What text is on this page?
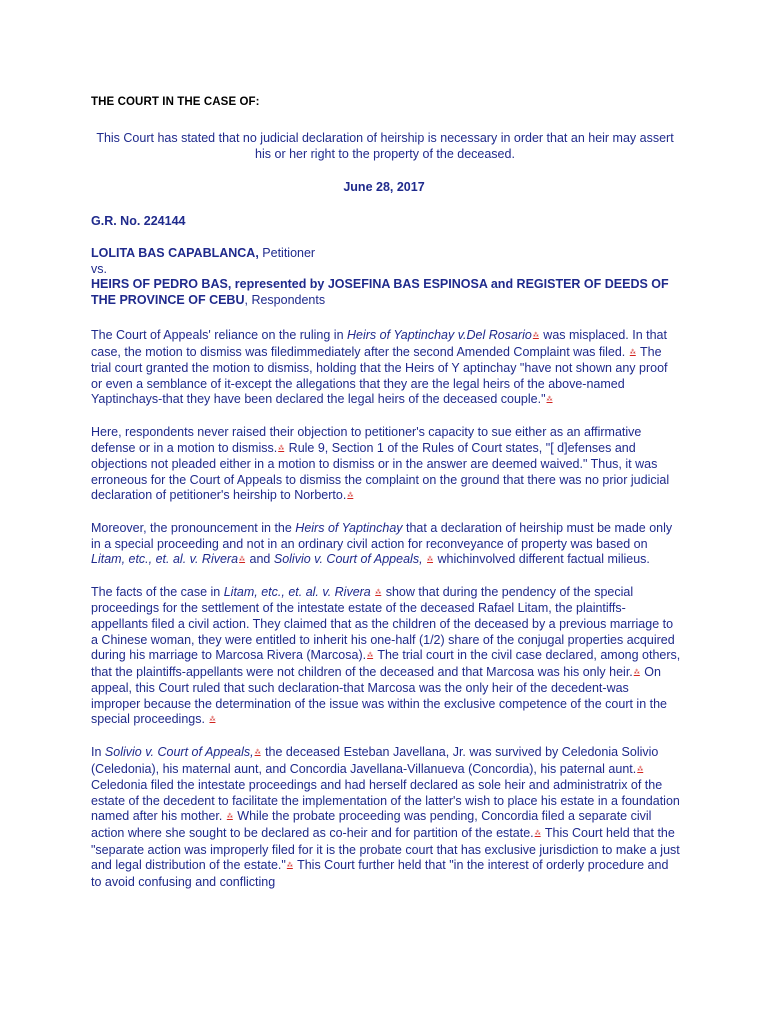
THE COURT IN THE CASE OF:
This Court has stated that no judicial declaration of heirship is necessary in order that an heir may assert his or her right to the property of the deceased.
June 28, 2017
G.R. No. 224144
LOLITA BAS CAPABLANCA, Petitioner
vs.
HEIRS OF PEDRO BAS, represented by JOSEFINA BAS ESPINOSA and REGISTER OF DEEDS OF THE PROVINCE OF CEBU, Respondents

The Court of Appeals' reliance on the ruling in Heirs of Yaptinchay v.Del Rosario⁂ was misplaced. In that case, the motion to dismiss was filedimmediately after the second Amended Complaint was filed. ⁂ The trial court granted the motion to dismiss, holding that the Heirs of Y aptinchay "have not shown any proof or even a semblance of it-except the allegations that they are the legal heirs of the above-named Yaptinchays-that they have been declared the legal heirs of the deceased couple."⁂

Here, respondents never raised their objection to petitioner's capacity to sue either as an affirmative defense or in a motion to dismiss.⁂ Rule 9, Section 1 of the Rules of Court states, "[ d]efenses and objections not pleaded either in a motion to dismiss or in the answer are deemed waived." Thus, it was erroneous for the Court of Appeals to dismiss the complaint on the ground that there was no prior judicial declaration of petitioner's heirship to Norberto.⁂

Moreover, the pronouncement in the Heirs of Yaptinchay that a declaration of heirship must be made only in a special proceeding and not in an ordinary civil action for reconveyance of property was based on Litam, etc., et. al. v. Rivera⁂ and Solivio v. Court of Appeals, ⁂ whichinvolved different factual milieus.

The facts of the case in Litam, etc., et. al. v. Rivera ⁂ show that during the pendency of the special proceedings for the settlement of the intestate estate of the deceased Rafael Litam, the plaintiffs-appellants filed a civil action. They claimed that as the children of the deceased by a previous marriage to a Chinese woman, they were entitled to inherit his one-half (1/2) share of the conjugal properties acquired during his marriage to Marcosa Rivera (Marcosa).⁂ The trial court in the civil case declared, among others, that the plaintiffs-appellants were not children of the deceased and that Marcosa was his only heir.⁂ On appeal, this Court ruled that such declaration-that Marcosa was the only heir of the decedent-was improper because the determination of the issue was within the exclusive competence of the court in the special proceedings. ⁂

In Solivio v. Court of Appeals,⁂ the deceased Esteban Javellana, Jr. was survived by Celedonia Solivio (Celedonia), his maternal aunt, and Concordia Javellana-Villanueva (Concordia), his paternal aunt.⁂ Celedonia filed the intestate proceedings and had herself declared as sole heir and administratrix of the estate of the decedent to facilitate the implementation of the latter's wish to place his estate in a foundation named after his mother. ⁂ While the probate proceeding was pending, Concordia filed a separate civil action where she sought to be declared as co-heir and for partition of the estate.⁂ This Court held that the "separate action was improperly filed for it is the probate court that has exclusive jurisdiction to make a just and legal distribution of the estate."⁂ This Court further held that "in the interest of orderly procedure and to avoid confusing and conflicting
